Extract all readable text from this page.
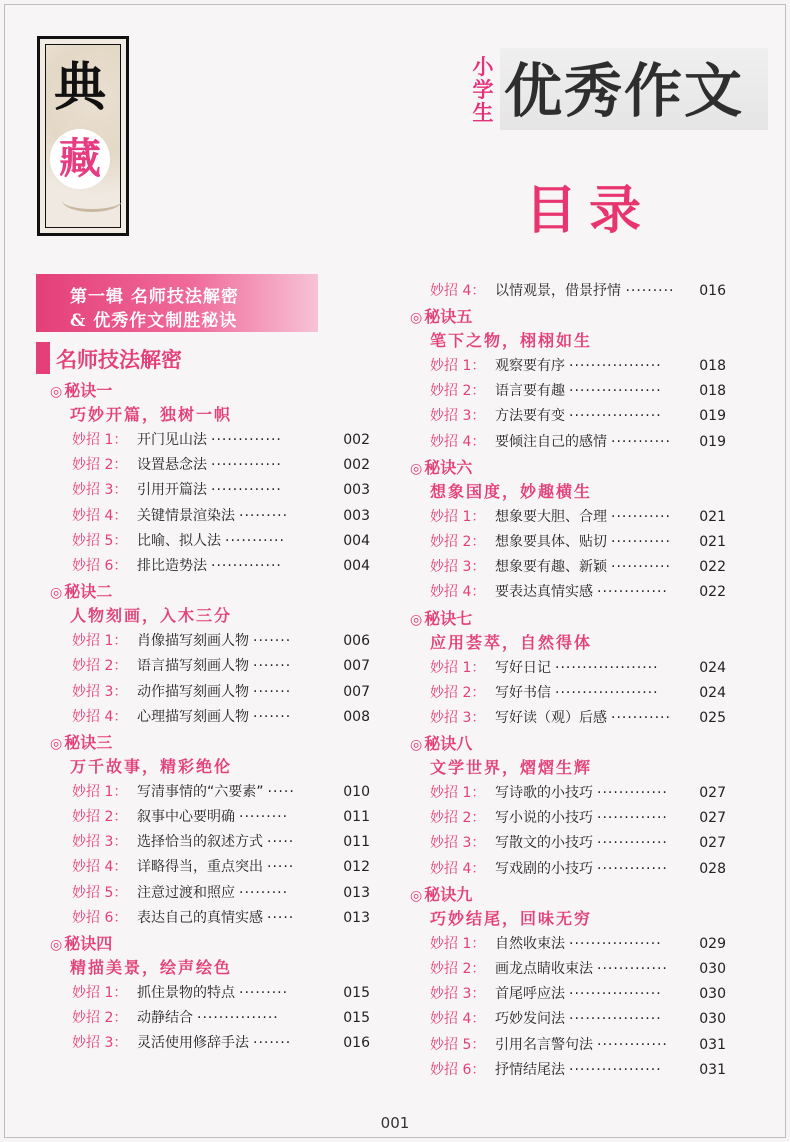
典
藏
小学生 优秀作文
目录
第一辑 名师技法解密
& 优秀作文制胜秘诀
名师技法解密
◎ 秘诀一
巧妙开篇，独树一帜
妙招 1： 开门见山法 ·············	002
妙招 2： 设置悬念法 ·············	002
妙招 3： 引用开篇法 ·············	003
妙招 4： 关键情景渲染法 ·········	003
妙招 5： 比喻、拟人法 ···········	004
妙招 6： 排比造势法 ·············	004
◎ 秘诀二
人物刻画，入木三分
妙招 1： 肖像描写刻画人物 ·······	006
妙招 2： 语言描写刻画人物 ·······	007
妙招 3： 动作描写刻画人物 ·······	007
妙招 4： 心理描写刻画人物 ·······	008
◎ 秘诀三
万千故事，精彩绝伦
妙招 1： 写清事情的“六要素” ·····	010
妙招 2： 叙事中心要明确 ·········	011
妙招 3： 选择恰当的叙述方式 ·····	011
妙招 4： 详略得当，重点突出 ·····	012
妙招 5： 注意过渡和照应 ·········	013
妙招 6： 表达自己的真情实感 ·····	013
◎ 秘诀四
精描美景，绘声绘色
妙招 1： 抓住景物的特点 ·········	015
妙招 2： 动静结合 ···············	015
妙招 3： 灵活使用修辞手法 ·······	016
妙招 4： 以情观景，借景抒情 ········· 016
◎ 秘诀五
笔下之物，栩栩如生
妙招 1： 观察要有序 ·················	018
妙招 2： 语言要有趣 ·················	018
妙招 3： 方法要有变 ·················	019
妙招 4： 要倾注自己的感情 ··········· 019
◎ 秘诀六
想象国度，妙趣横生
妙招 1： 想象要大胆、合理 ··········· 021
妙招 2： 想象要具体、贴切 ··········· 021
妙招 3： 想象要有趣、新颖 ··········· 022
妙招 4： 要表达真情实感 ············· 022
◎ 秘诀七
应用荟萃，自然得体
妙招 1： 写好日记 ···················	024
妙招 2： 写好书信 ···················	024
妙招 3： 写好读（观）后感 ··········· 025
◎ 秘诀八
文学世界，熠熠生辉
妙招 1： 写诗歌的小技巧 ············· 027
妙招 2： 写小说的小技巧 ············· 027
妙招 3： 写散文的小技巧 ············· 027
妙招 4： 写戏剧的小技巧 ············· 028
◎ 秘诀九
巧妙结尾，回味无穷
妙招 1： 自然收束法 ·················	029
妙招 2： 画龙点睛收束法 ············· 030
妙招 3： 首尾呼应法 ·················	030
妙招 4： 巧妙发问法 ·················	030
妙招 5： 引用名言警句法 ············· 031
妙招 6： 抒情结尾法 ·················	031
001
